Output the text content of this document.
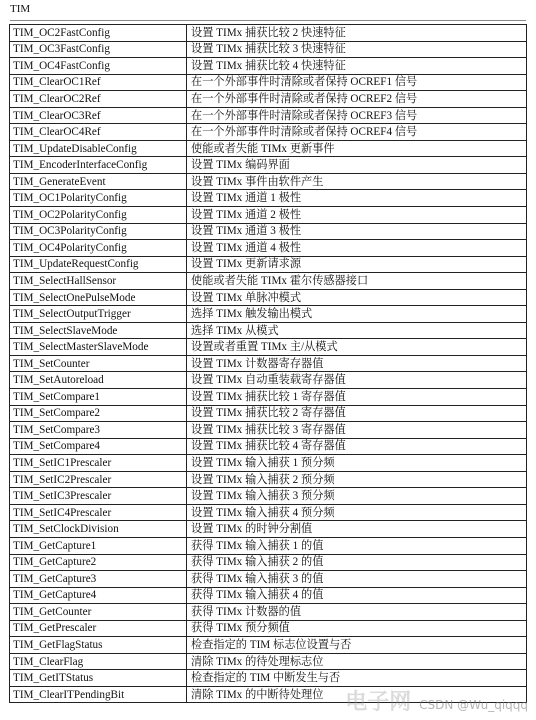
TIM
TIM_OC2FastConfig	设置 TIMx 捕获比较 2 快速特征
TIM_OC3FastConfig	设置 TIMx 捕获比较 3 快速特征
TIM_OC4FastConfig	设置 TIMx 捕获比较 4 快速特征
TIM_ClearOC1Ref	在一个外部事件时清除或者保持 OCREF1 信号
TIM_ClearOC2Ref	在一个外部事件时清除或者保持 OCREF2 信号
TIM_ClearOC3Ref	在一个外部事件时清除或者保持 OCREF3 信号
TIM_ClearOC4Ref	在一个外部事件时清除或者保持 OCREF4 信号
TIM_UpdateDisableConfig	使能或者失能 TIMx 更新事件
TIM_EncoderInterfaceConfig	设置 TIMx 编码界面
TIM_GenerateEvent	设置 TIMx 事件由软件产生
TIM_OC1PolarityConfig	设置 TIMx 通道 1 极性
TIM_OC2PolarityConfig	设置 TIMx 通道 2 极性
TIM_OC3PolarityConfig	设置 TIMx 通道 3 极性
TIM_OC4PolarityConfig	设置 TIMx 通道 4 极性
TIM_UpdateRequestConfig	设置 TIMx 更新请求源
TIM_SelectHallSensor	使能或者失能 TIMx 霍尔传感器接口
TIM_SelectOnePulseMode	设置 TIMx 单脉冲模式
TIM_SelectOutputTrigger	选择 TIMx 触发输出模式
TIM_SelectSlaveMode	选择 TIMx 从模式
TIM_SelectMasterSlaveMode	设置或者重置 TIMx 主/从模式
TIM_SetCounter	设置 TIMx 计数器寄存器值
TIM_SetAutoreload	设置 TIMx 自动重装载寄存器值
TIM_SetCompare1	设置 TIMx 捕获比较 1 寄存器值
TIM_SetCompare2	设置 TIMx 捕获比较 2 寄存器值
TIM_SetCompare3	设置 TIMx 捕获比较 3 寄存器值
TIM_SetCompare4	设置 TIMx 捕获比较 4 寄存器值
TIM_SetIC1Prescaler	设置 TIMx 输入捕获 1 预分频
TIM_SetIC2Prescaler	设置 TIMx 输入捕获 2 预分频
TIM_SetIC3Prescaler	设置 TIMx 输入捕获 3 预分频
TIM_SetIC4Prescaler	设置 TIMx 输入捕获 4 预分频
TIM_SetClockDivision	设置 TIMx 的时钟分割值
TIM_GetCapture1	获得 TIMx 输入捕获 1 的值
TIM_GetCapture2	获得 TIMx 输入捕获 2 的值
TIM_GetCapture3	获得 TIMx 输入捕获 3 的值
TIM_GetCapture4	获得 TIMx 输入捕获 4 的值
TIM_GetCounter	获得 TIMx 计数器的值
TIM_GetPrescaler	获得 TIMx 预分频值
TIM_GetFlagStatus	检查指定的 TIM 标志位设置与否
TIM_ClearFlag	清除 TIMx 的待处理标志位
TIM_GetITStatus	检查指定的 TIM 中断发生与否
TIM_ClearITPendingBit	清除 TIMx 的中断待处理位 电子网 CSDN @Wu_qiqqq
